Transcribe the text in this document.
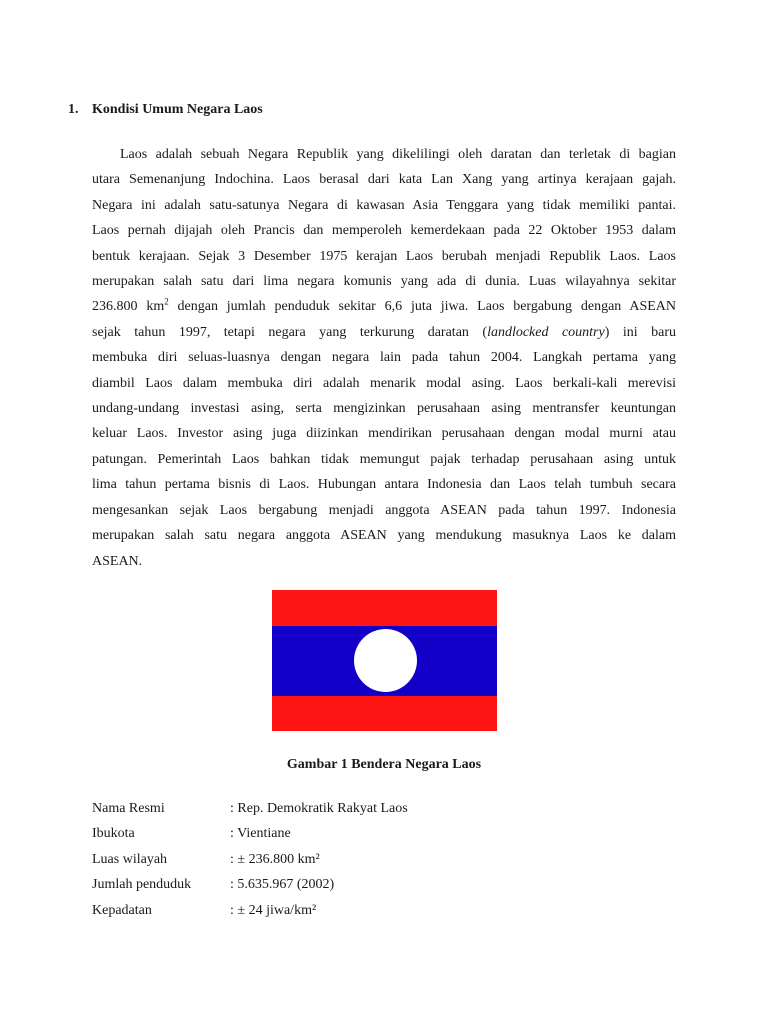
1. Kondisi Umum Negara Laos
Laos adalah sebuah Negara Republik yang dikelilingi oleh daratan dan terletak di bagian
utara Semenanjung Indochina. Laos berasal dari kata Lan Xang yang artinya kerajaan gajah.
Negara ini adalah satu-satunya Negara di kawasan Asia Tenggara yang tidak memiliki pantai.
Laos pernah dijajah oleh Prancis dan memperoleh kemerdekaan pada 22 Oktober 1953 dalam
bentuk kerajaan. Sejak 3 Desember 1975 kerajan Laos berubah menjadi Republik Laos. Laos
merupakan salah satu dari lima negara komunis yang ada di dunia. Luas wilayahnya sekitar
236.800 $km^2$ dengan jumlah penduduk sekitar 6,6 juta jiwa. Laos bergabung dengan ASEAN
sejak tahun 1997, tetapi negara yang terkurung daratan (landlocked country) ini baru
membuka diri seluas-luasnya dengan negara lain pada tahun 2004. Langkah pertama yang
diambil Laos dalam membuka diri adalah menarik modal asing. Laos berkali-kali merevisi
undang-undang investasi asing, serta mengizinkan perusahaan asing mentransfer keuntungan
keluar Laos. Investor asing juga diizinkan mendirikan perusahaan dengan modal murni atau
patungan. Pemerintah Laos bahkan tidak memungut pajak terhadap perusahaan asing untuk
lima tahun pertama bisnis di Laos. Hubungan antara Indonesia dan Laos telah tumbuh secara
mengesankan sejak Laos bergabung menjadi anggota ASEAN pada tahun 1997. Indonesia
merupakan salah satu negara anggota ASEAN yang mendukung masuknya Laos ke dalam
ASEAN.

Gambar 1 Bendera Negara Laos

Nama Resmi	: Rep. Demokratik Rakyat Laos
Ibukota	: Vientiane
Luas wilayah	: ± 236.800 km²
Jumlah penduduk	: 5.635.967 (2002)
Kepadatan	: ± 24 jiwa/km²
